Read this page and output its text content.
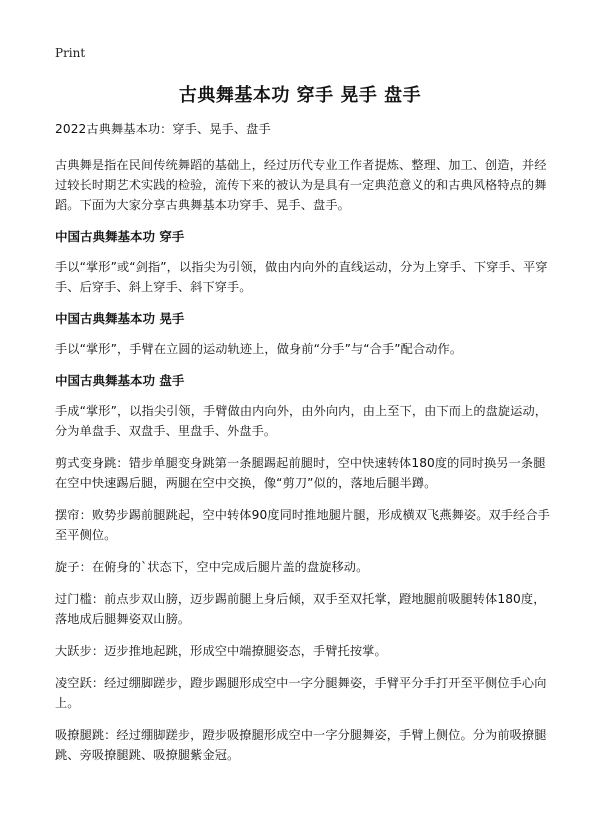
Print
古典舞基本功 穿手 晃手 盘手

2022古典舞基本功：穿手、晃手、盘手

古典舞是指在民间传统舞蹈的基础上，经过历代专业工作者提炼、整理、加工、创造，并经过较长时期艺术实践的检验，流传下来的被认为是具有一定典范意义的和古典风格特点的舞蹈。下面为大家分享古典舞基本功穿手、晃手、盘手。

中国古典舞基本功 穿手

手以“掌形”或“剑指”，以指尖为引领，做由内向外的直线运动，分为上穿手、下穿手、平穿手、后穿手、斜上穿手、斜下穿手。

中国古典舞基本功 晃手

手以“掌形”，手臂在立圆的运动轨迹上，做身前“分手”与“合手”配合动作。

中国古典舞基本功 盘手

手成“掌形”，以指尖引领，手臂做由内向外，由外向内，由上至下，由下而上的盘旋运动，分为单盘手、双盘手、里盘手、外盘手。

剪式变身跳：错步单腿变身跳第一条腿踢起前腿时，空中快速转体180度的同时换另一条腿在空中快速踢后腿，两腿在空中交换，像“剪刀”似的，落地后腿半蹲。

摆帘：败势步踢前腿跳起，空中转体90度同时推地腿片腿，形成横双飞燕舞姿。双手经合手至平侧位。

旋子：在俯身的`状态下，空中完成后腿片盖的盘旋移动。

过门槛：前点步双山膀，迈步踢前腿上身后倾，双手至双托掌，蹬地腿前吸腿转体180度，落地成后腿舞姿双山膀。

大跃步：迈步推地起跳，形成空中端撩腿姿态，手臂托按掌。

凌空跃：经过绷脚蹉步，蹬步踢腿形成空中一字分腿舞姿，手臂平分手打开至平侧位手心向上。

吸撩腿跳：经过绷脚蹉步，蹬步吸撩腿形成空中一字分腿舞姿，手臂上侧位。分为前吸撩腿跳、旁吸撩腿跳、吸撩腿紫金冠。
